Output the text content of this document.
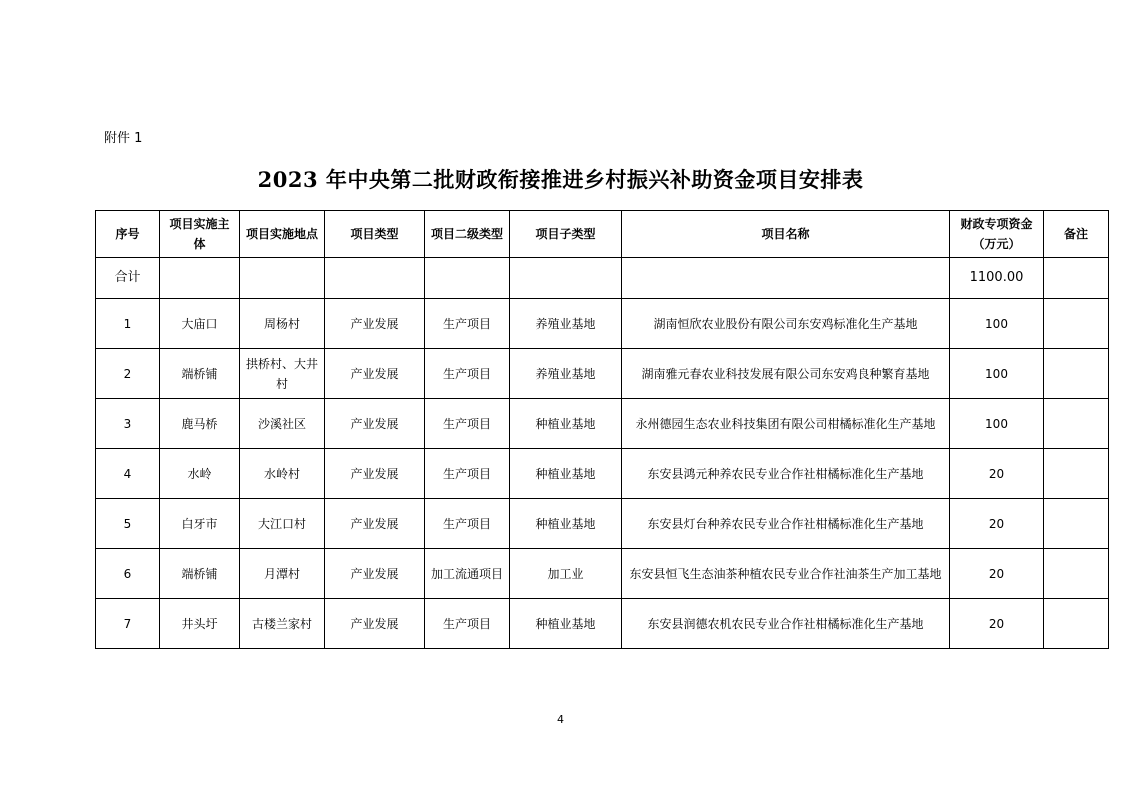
附件 1
2023 年中央第二批财政衔接推进乡村振兴补助资金项目安排表
序号	项目实施主体	项目实施地点	项目类型	项目二级类型	项目子类型	项目名称	财政专项资金（万元）	备注
合计							1100.00	
1	大庙口	周杨村	产业发展	生产项目	养殖业基地	湖南恒欣农业股份有限公司东安鸡标准化生产基地	100	
2	端桥铺	拱桥村、大井村	产业发展	生产项目	养殖业基地	湖南雅元春农业科技发展有限公司东安鸡良种繁育基地	100	
3	鹿马桥	沙溪社区	产业发展	生产项目	种植业基地	永州德园生态农业科技集团有限公司柑橘标准化生产基地	100	
4	水岭	水岭村	产业发展	生产项目	种植业基地	东安县鸿元种养农民专业合作社柑橘标准化生产基地	20	
5	白牙市	大江口村	产业发展	生产项目	种植业基地	东安县灯台种养农民专业合作社柑橘标准化生产基地	20	
6	端桥铺	月潭村	产业发展	加工流通项目	加工业	东安县恒飞生态油茶种植农民专业合作社油茶生产加工基地	20	
7	井头圩	古楼兰家村	产业发展	生产项目	种植业基地	东安县润德农机农民专业合作社柑橘标准化生产基地	20	
4
